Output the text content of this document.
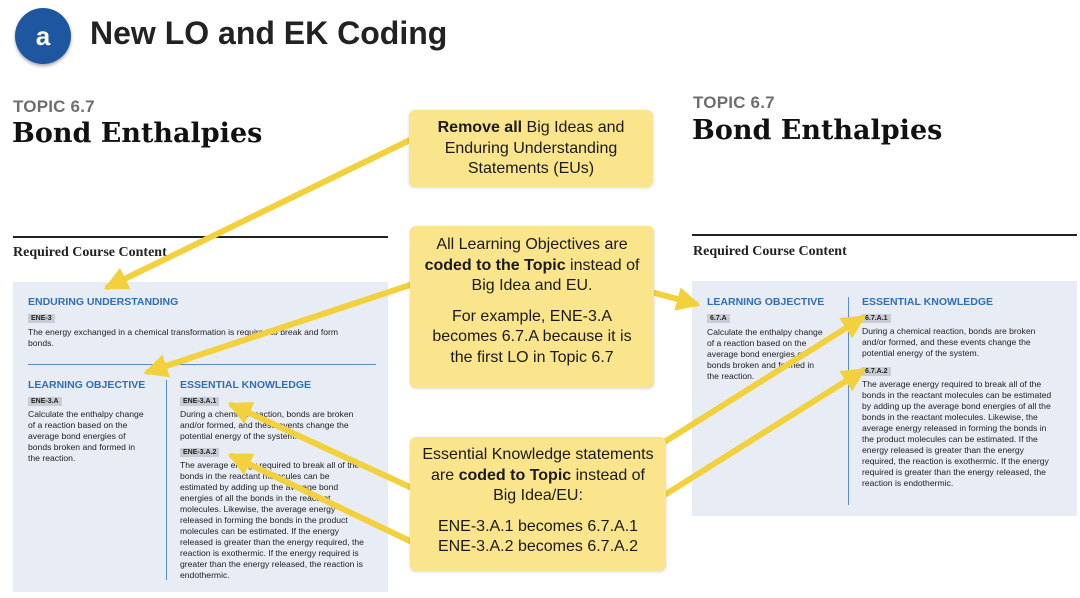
a	New LO and EK Coding
TOPIC 6.7
Bond Enthalpies
Required Course Content
ENDURING UNDERSTANDING
ENE-3
The energy exchanged in a chemical transformation is required to break and form bonds.
LEARNING OBJECTIVE
ENE-3.A
Calculate the enthalpy change of a reaction based on the average bond energies of bonds broken and formed in the reaction.
ESSENTIAL KNOWLEDGE
ENE-3.A.1
During a chemical reaction, bonds are broken and/or formed, and these events change the potential energy of the system.
ENE-3.A.2
The average energy required to break all of the bonds in the reactant molecules can be estimated by adding up the average bond energies of all the bonds in the reactant molecules. Likewise, the average energy released in forming the bonds in the product molecules can be estimated. If the energy released is greater than the energy required, the reaction is exothermic. If the energy required is greater than the energy released, the reaction is endothermic.
TOPIC 6.7
Bond Enthalpies
Required Course Content
LEARNING OBJECTIVE
6.7.A
Calculate the enthalpy change of a reaction based on the average bond energies of bonds broken and formed in the reaction.
ESSENTIAL KNOWLEDGE
6.7.A.1
During a chemical reaction, bonds are broken and/or formed, and these events change the potential energy of the system.
6.7.A.2
The average energy required to break all of the bonds in the reactant molecules can be estimated by adding up the average bond energies of all the bonds in the reactant molecules. Likewise, the average energy released in forming the bonds in the product molecules can be estimated. If the energy released is greater than the energy required, the reaction is exothermic. If the energy required is greater than the energy released, the reaction is endothermic.

Remove all Big Ideas and Enduring Understanding Statements (EUs)

All Learning Objectives are coded to the Topic instead of Big Idea and EU.

For example, ENE-3.A becomes 6.7.A because it is the first LO in Topic 6.7

Essential Knowledge statements are coded to Topic instead of Big Idea/EU:

ENE-3.A.1 becomes 6.7.A.1

ENE-3.A.2 becomes 6.7.A.2
